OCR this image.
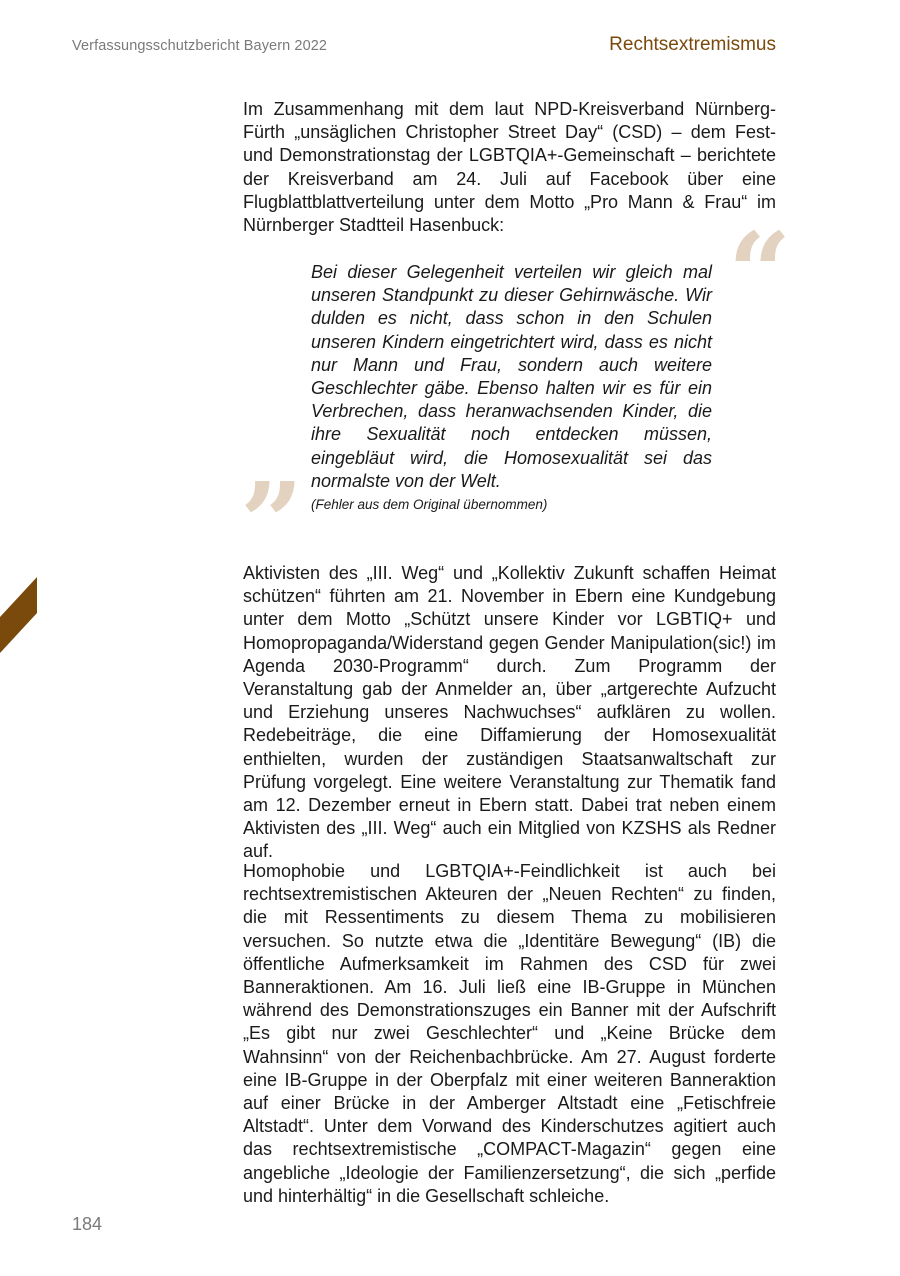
Verfassungsschutzbericht Bayern 2022	Rechtsextremismus

Im Zusammenhang mit dem laut NPD-Kreisverband Nürnberg-Fürth „unsäglichen Christopher Street Day“ (CSD) – dem Fest- und Demonstrationstag der LGBTQIA+-Gemeinschaft – berichtete der Kreisverband am 24. Juli auf Facebook über eine Flugblattblattverteilung unter dem Motto „Pro Mann & Frau“ im Nürnberger Stadtteil Hasenbuck:	“

Bei dieser Gelegenheit verteilen wir gleich mal unseren Standpunkt zu dieser Gehirnwäsche. Wir dulden es nicht, dass schon in den Schulen unseren Kindern eingetrichtert wird, dass es nicht nur Mann und Frau, sondern auch weitere Geschlechter gäbe. Ebenso halten wir es für ein Verbrechen, dass heranwachsenden Kinder, die ihre Sexualität noch entdecken müssen, eingebläut wird, die Homosexualität sei das normalste von der Welt.

(Fehler aus dem Original übernommen)
”

Aktivisten des „III. Weg“ und „Kollektiv Zukunft schaffen Heimat schützen“ führten am 21. November in Ebern eine Kundgebung unter dem Motto „Schützt unsere Kinder vor LGBTIQ+ und Homopropaganda/Widerstand gegen Gender Manipulation(sic!) im Agenda 2030-Programm“ durch. Zum Programm der Veranstaltung gab der Anmelder an, über „artgerechte Aufzucht und Erziehung unseres Nachwuchses“ aufklären zu wollen. Redebeiträge, die eine Diffamierung der Homosexualität enthielten, wurden der zuständigen Staatsanwaltschaft zur Prüfung vorgelegt. Eine weitere Veranstaltung zur Thematik fand am 12. Dezember erneut in Ebern statt. Dabei trat neben einem Aktivisten des „III. Weg“ auch ein Mitglied von KZSHS als Redner auf.

Homophobie und LGBTQIA+-Feindlichkeit ist auch bei rechtsextremistischen Akteuren der „Neuen Rechten“ zu finden, die mit Ressentiments zu diesem Thema zu mobilisieren versuchen. So nutzte etwa die „Identitäre Bewegung“ (IB) die öffentliche Aufmerksamkeit im Rahmen des CSD für zwei Banneraktionen. Am 16. Juli ließ eine IB-Gruppe in München während des Demonstrationszuges ein Banner mit der Aufschrift „Es gibt nur zwei Geschlechter“ und „Keine Brücke dem Wahnsinn“ von der Reichenbachbrücke. Am 27. August forderte eine IB-Gruppe in der Oberpfalz mit einer weiteren Banneraktion auf einer Brücke in der Amberger Altstadt eine „Fetischfreie Altstadt“. Unter dem Vorwand des Kinderschutzes agitiert auch das rechtsextremistische „COMPACT-Magazin“ gegen eine angebliche „Ideologie der Familienzersetzung“, die sich „perfide und hinterhältig“ in die Gesellschaft schleiche.

184
